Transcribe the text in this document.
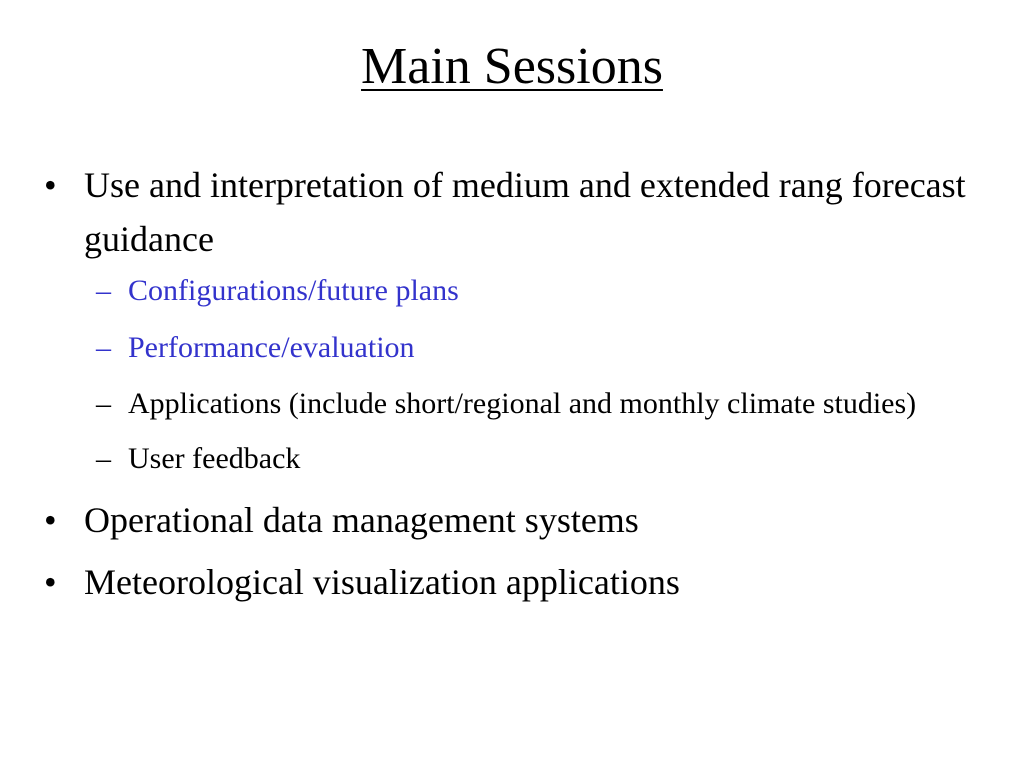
Main Sessions
• Use and interpretation of medium and extended rang forecast guidance
– Configurations/future plans
– Performance/evaluation
– Applications (include short/regional and monthly climate studies)
– User feedback
• Operational data management systems
• Meteorological visualization applications
